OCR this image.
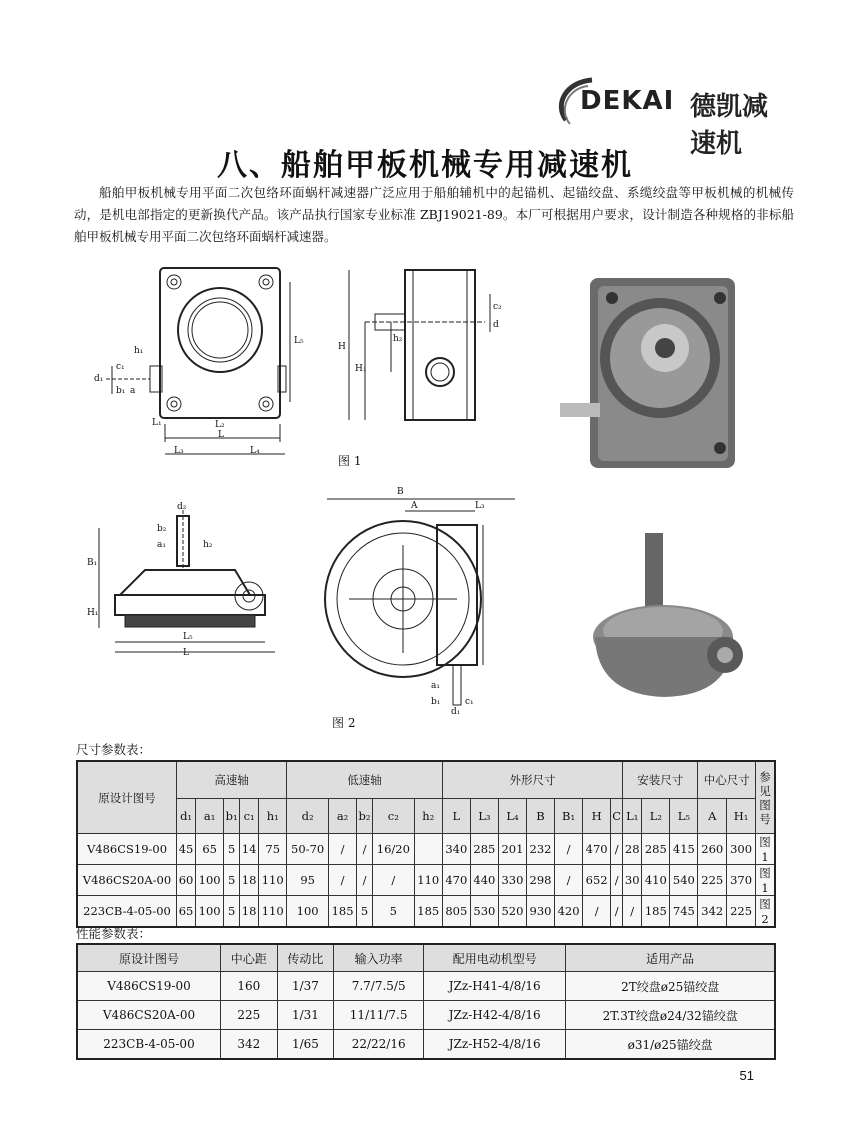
DEKAI 德凯减速机
八、船舶甲板机械专用减速机
船舶甲板机械专用平面二次包络环面蜗杆减速器广泛应用于船舶辅机中的起锚机、起锚绞盘、系缆绞盘等甲板机械的机械传动，是机电部指定的更新换代产品。该产品执行国家专业标准 ZBJ19021-89。本厂可根据用户要求，设计制造各种规格的非标船舶甲板机械专用平面二次包络环面蜗杆减速器。
h₁
d₁
c₁
b₁ a
L₁	L₂
L
L₃	L₄
L₅
H
H₁
c₂
d
h₂
图 1
d₂
b₂
a₁	h₂
B₁
H₁
L₅
L
B
A	L₃
a₁
b₁	c₁
d₁
图 2
尺寸参数表：
原设计图号	高速轴					低速轴					外形尺寸							安装尺寸			中心尺寸		参见图号
	d₁	a₁	b₁	c₁	h₁	d₂	a₂	b₂	c₂	h₂	L	L₃	L₄	B	B₁	H	C	L₁	L₂	L₅	A	H₁	
V486CS19-00	45	65	5	14	75	50-70	/	/	16/20		340	285	201	232	/	470	/	28	285	415	260	300	图1
V486CS20A-00	60	100	5	18	110	95	/	/	/	110	470	440	330	298	/	652	/	30	410	540	225	370	图1
223CB-4-05-00	65	100	5	18	110	100	185	5	5	185	805	530	520	930	420	/	/	/	185	745	342	225	图2
性能参数表：
原设计图号	中心距	传动比	输入功率	配用电动机型号	适用产品
V486CS19-00	160	1/37	7.7/7.5/5	JZz-H41-4/8/16	2T绞盘ø25锚绞盘
V486CS20A-00	225	1/31	11/11/7.5	JZz-H42-4/8/16	2T.3T绞盘ø24/32锚绞盘
223CB-4-05-00	342	1/65	22/22/16	JZz-H52-4/8/16	ø31/ø25锚绞盘
51
